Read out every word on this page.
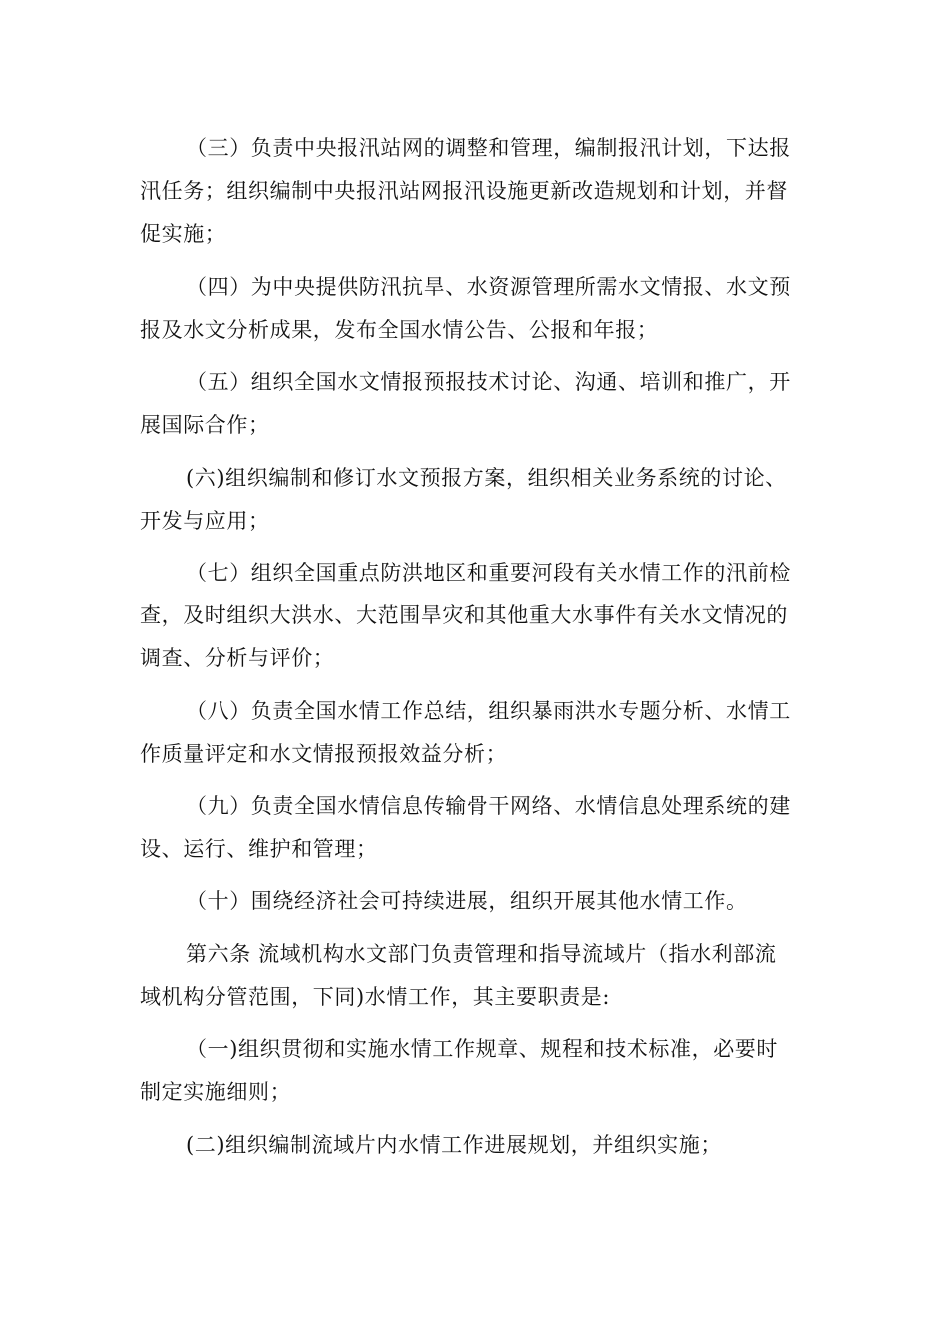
（三）负责中央报汛站网的调整和管理，编制报汛计划，下达报

汛任务；组织编制中央报汛站网报汛设施更新改造规划和计划，并督

促实施；

（四）为中央提供防汛抗旱、水资源管理所需水文情报、水文预

报及水文分析成果，发布全国水情公告、公报和年报；

（五）组织全国水文情报预报技术讨论、沟通、培训和推广，开

展国际合作；

(六)组织编制和修订水文预报方案，组织相关业务系统的讨论、

开发与应用；

（七）组织全国重点防洪地区和重要河段有关水情工作的汛前检

查，及时组织大洪水、大范围旱灾和其他重大水事件有关水文情况的

调查、分析与评价；

（八）负责全国水情工作总结，组织暴雨洪水专题分析、水情工

作质量评定和水文情报预报效益分析；

（九）负责全国水情信息传输骨干网络、水情信息处理系统的建

设、运行、维护和管理；

（十）围绕经济社会可持续进展，组织开展其他水情工作。

第六条 流域机构水文部门负责管理和指导流域片（指水利部流

域机构分管范围，下同)水情工作，其主要职责是:

（一)组织贯彻和实施水情工作规章、规程和技术标准，必要时

制定实施细则；

(二)组织编制流域片内水情工作进展规划，并组织实施；
